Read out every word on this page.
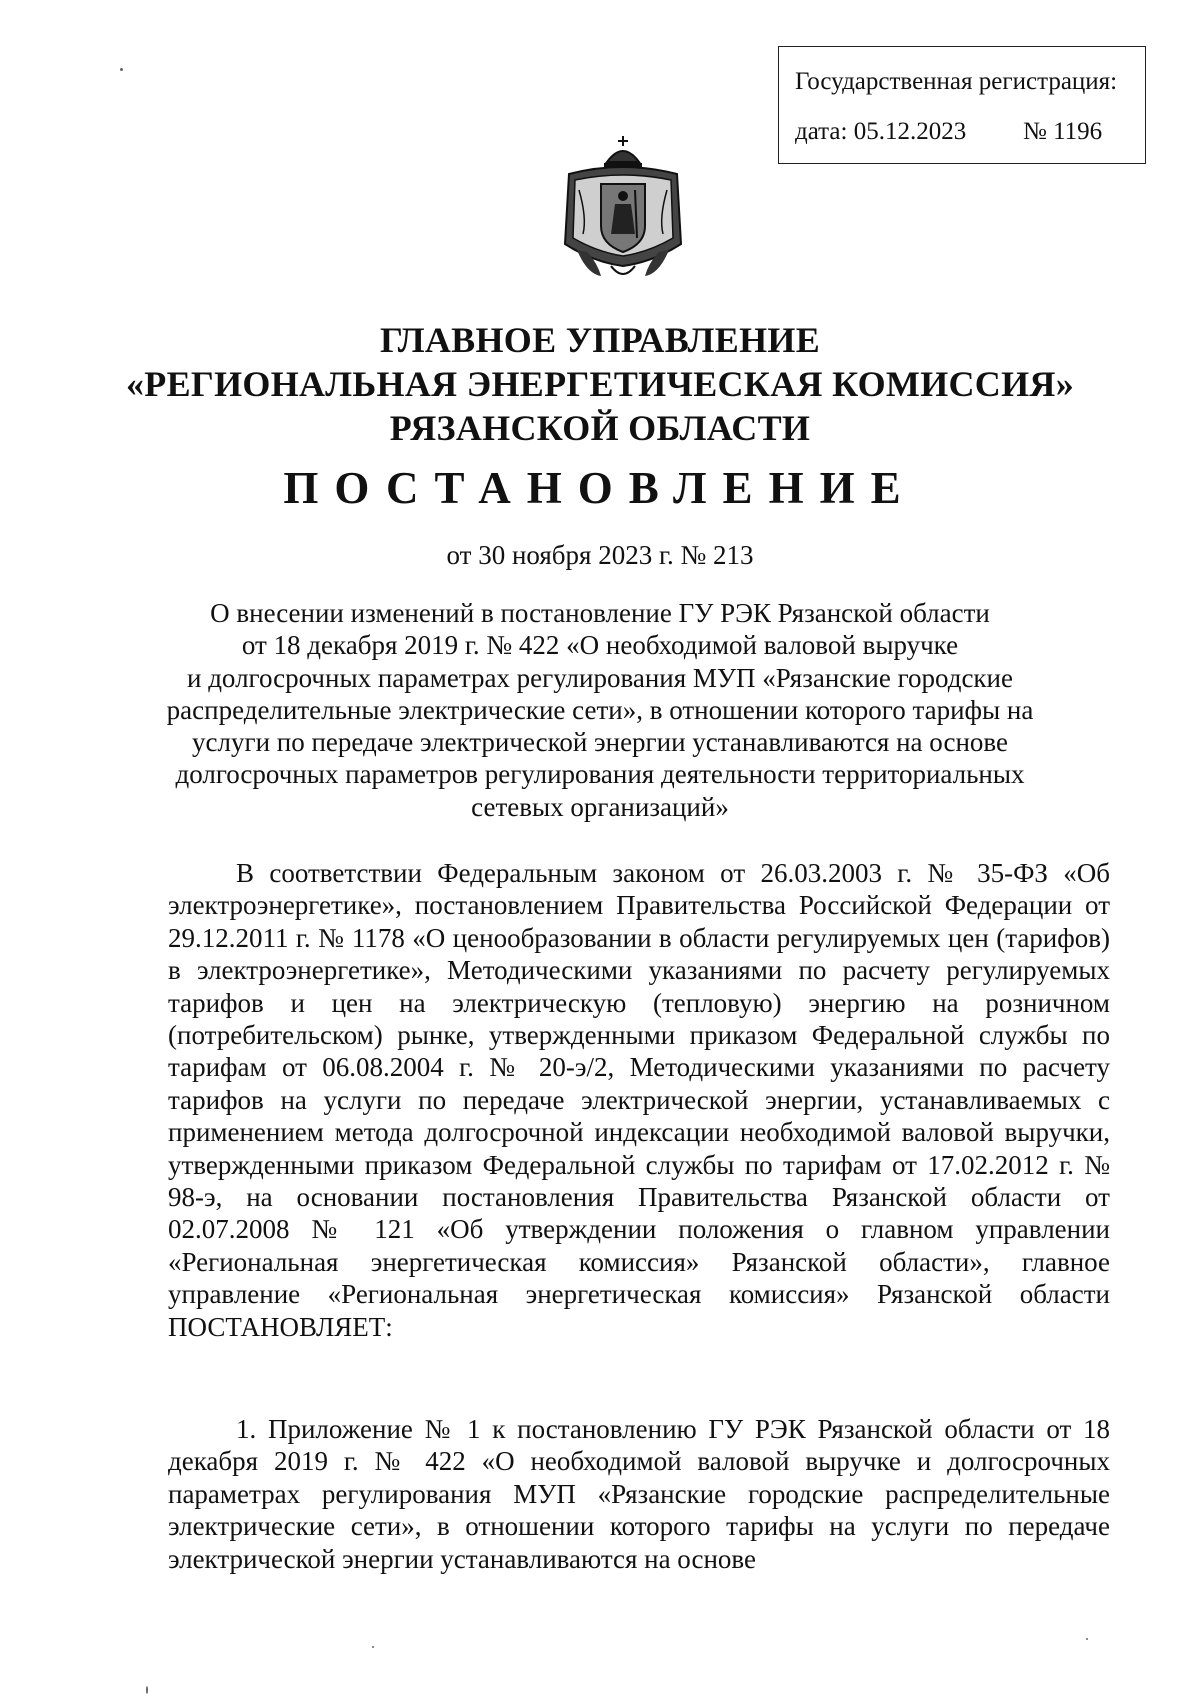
Государственная регистрация:
дата: 05.12.2023 № 1196
ГЛАВНОЕ УПРАВЛЕНИЕ
«РЕГИОНАЛЬНАЯ ЭНЕРГЕТИЧЕСКАЯ КОМИССИЯ»
РЯЗАНСКОЙ ОБЛАСТИ
ПОСТАНОВЛЕНИЕ
от 30 ноября 2023 г. № 213
О внесении изменений в постановление ГУ РЭК Рязанской области
от 18 декабря 2019 г. № 422 «О необходимой валовой выручке
и долгосрочных параметрах регулирования МУП «Рязанские городские
распределительные электрические сети», в отношении которого тарифы на
услуги по передаче электрической энергии устанавливаются на основе
долгосрочных параметров регулирования деятельности территориальных
сетевых организаций»
В соответствии Федеральным законом от 26.03.2003 г. № 35-ФЗ «Об электроэнергетике», постановлением Правительства Российской Федерации от 29.12.2011 г. № 1178 «О ценообразовании в области регулируемых цен (тарифов) в электроэнергетике», Методическими указаниями по расчету регулируемых тарифов и цен на электрическую (тепловую) энергию на розничном (потребительском) рынке, утвержденными приказом Федеральной службы по тарифам от 06.08.2004 г. № 20-э/2, Методическими указаниями по расчету тарифов на услуги по передаче электрической энергии, устанавливаемых с применением метода долгосрочной индексации необходимой валовой выручки, утвержденными приказом Федеральной службы по тарифам от 17.02.2012 г. № 98-э, на основании постановления Правительства Рязанской области от 02.07.2008 № 121 «Об утверждении положения о главном управлении «Региональная энергетическая комиссия» Рязанской области», главное управление «Региональная энергетическая комиссия» Рязанской области ПОСТАНОВЛЯЕТ:
1. Приложение № 1 к постановлению ГУ РЭК Рязанской области от 18 декабря 2019 г. № 422 «О необходимой валовой выручке и долгосрочных параметрах регулирования МУП «Рязанские городские распределительные электрические сети», в отношении которого тарифы на услуги по передаче электрической энергии устанавливаются на основе
